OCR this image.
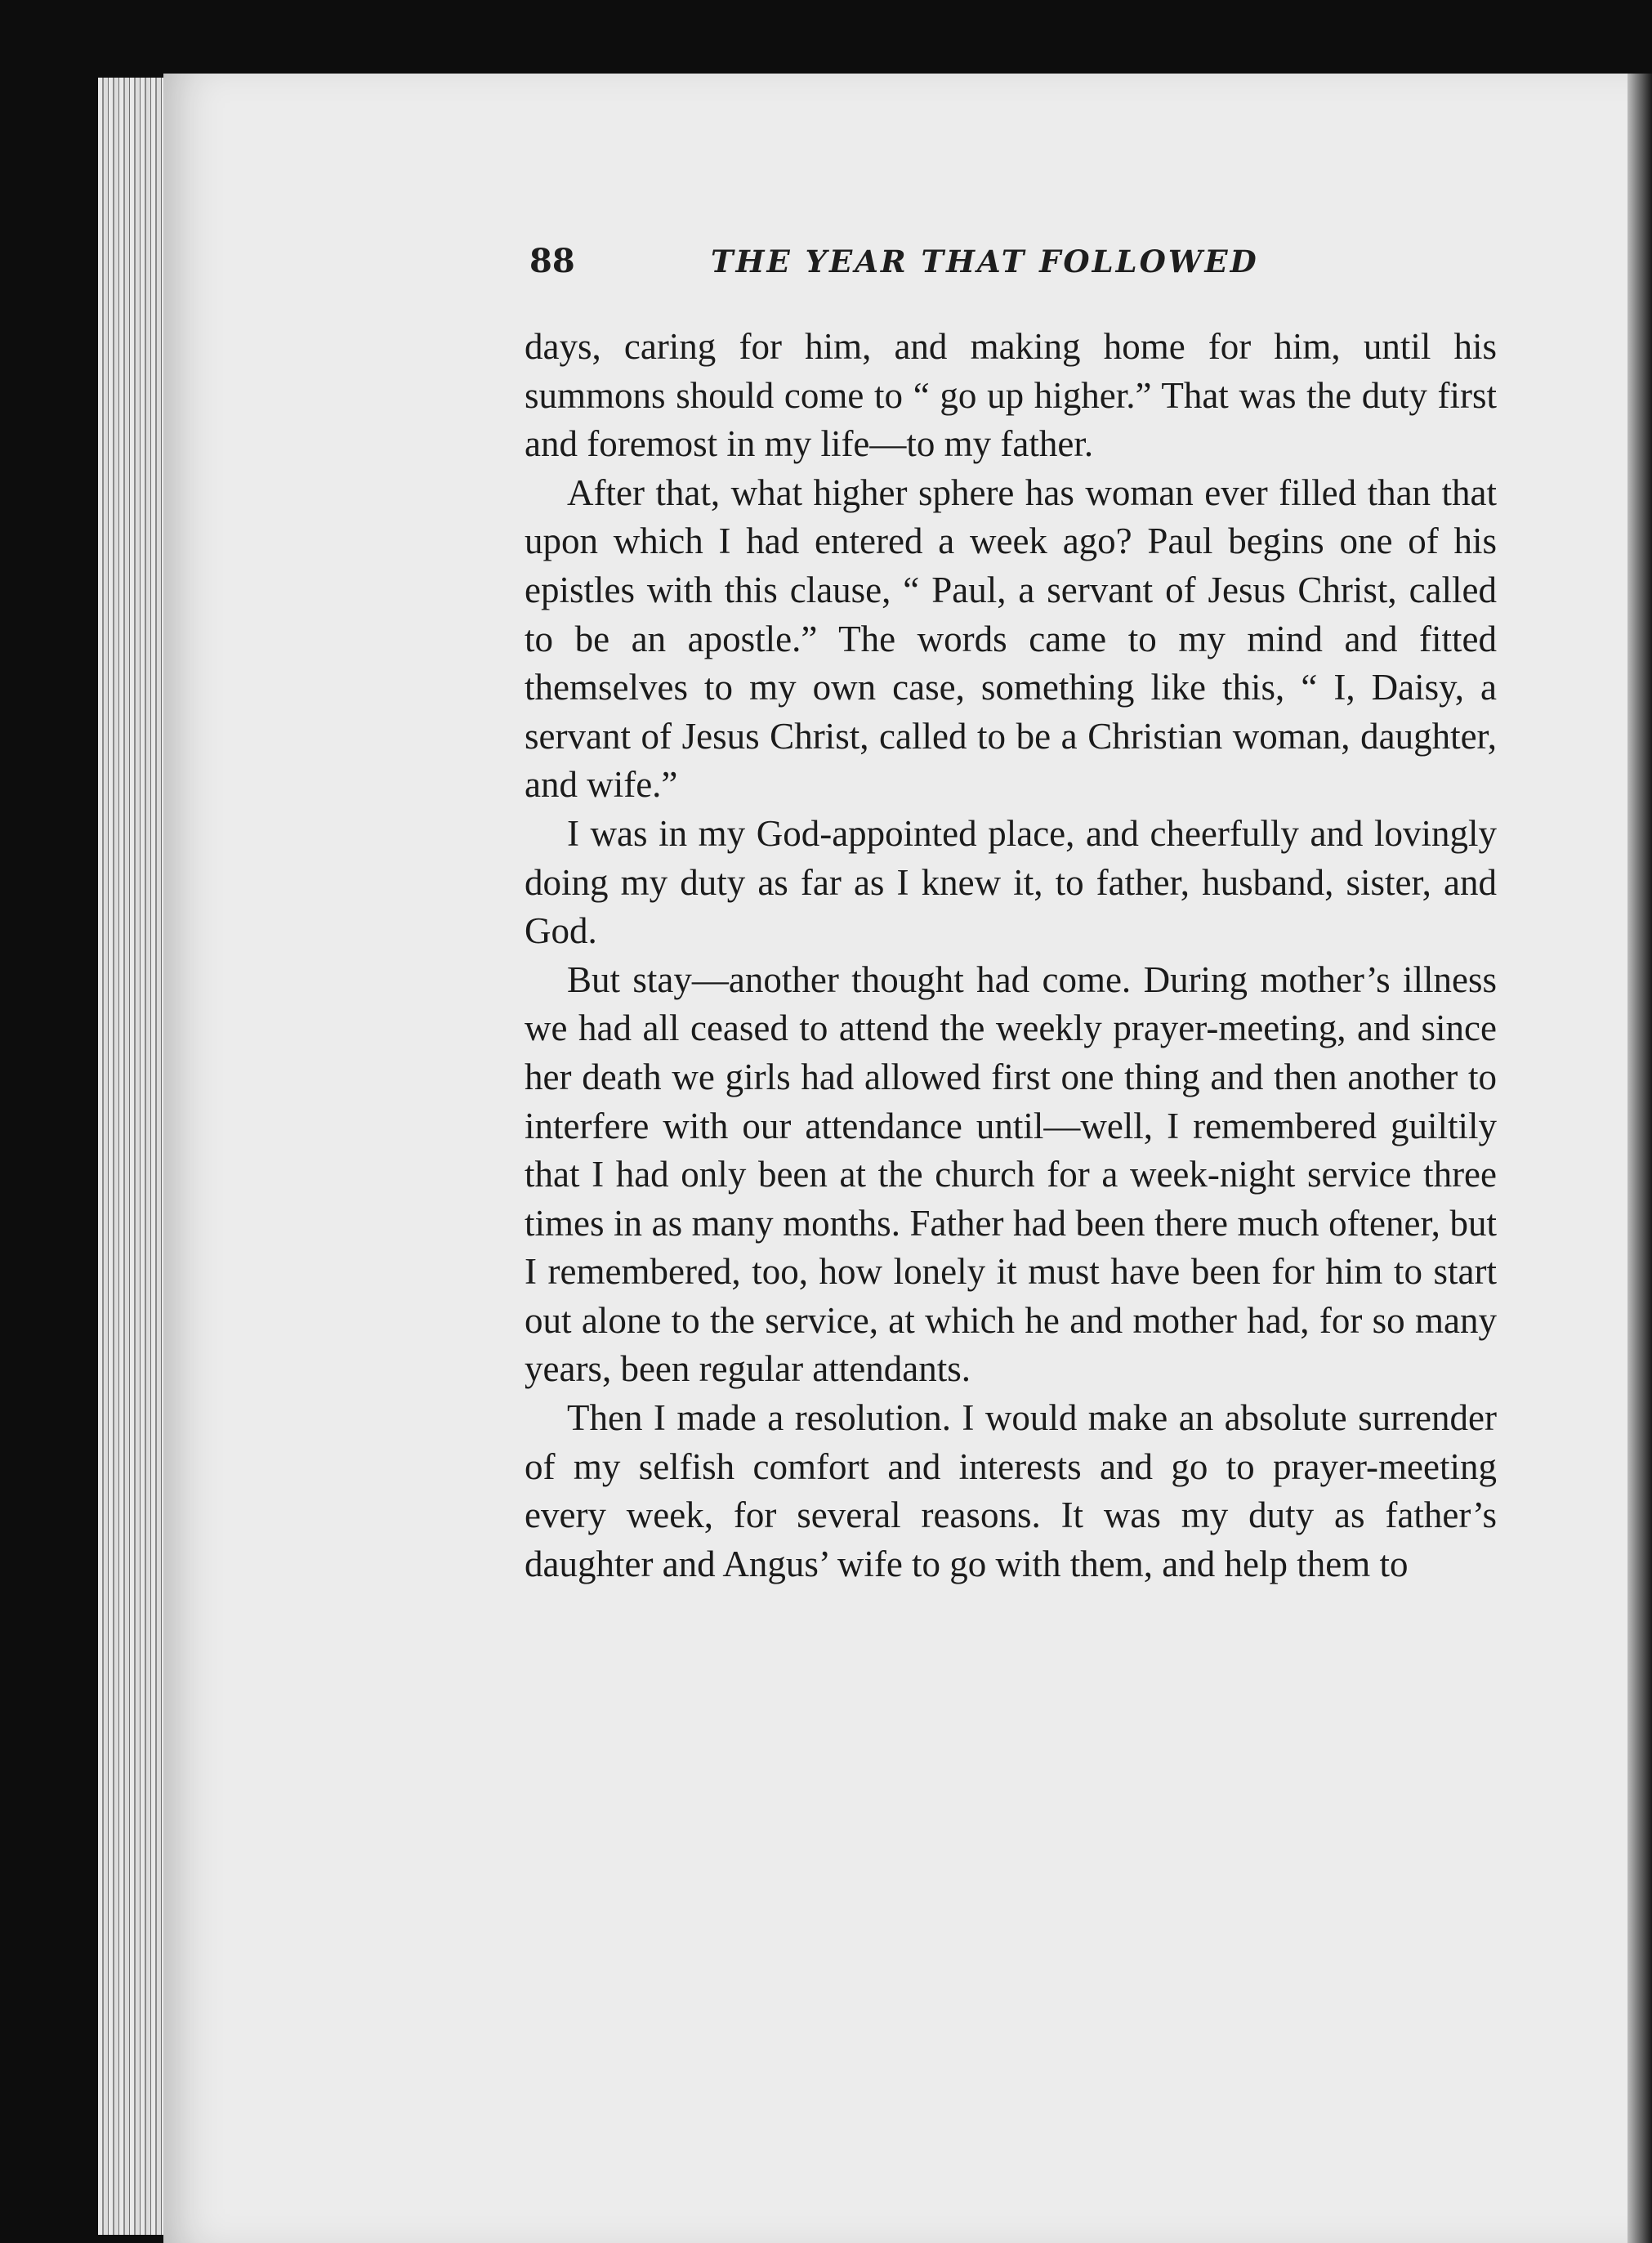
88	THE YEAR THAT FOLLOWED

days, caring for him, and making home for him, until his summons should come to “ go up higher.” That was the duty first and foremost in my life—to my father.

After that, what higher sphere has woman ever filled than that upon which I had entered a week ago? Paul begins one of his epistles with this clause, “ Paul, a servant of Jesus Christ, called to be an apostle.” The words came to my mind and fitted themselves to my own case, something like this, “ I, Daisy, a servant of Jesus Christ, called to be a Christian woman, daughter, and wife.”

I was in my God-appointed place, and cheerfully and lovingly doing my duty as far as I knew it, to father, husband, sister, and God.

But stay—another thought had come. During mother’s illness we had all ceased to attend the weekly prayer-meeting, and since her death we girls had allowed first one thing and then another to interfere with our attendance until—well, I remembered guiltily that I had only been at the church for a week-night service three times in as many months. Father had been there much oftener, but I remembered, too, how lonely it must have been for him to start out alone to the service, at which he and mother had, for so many years, been regular attendants.

Then I made a resolution. I would make an absolute surrender of my selfish comfort and interests and go to prayer-meeting every week, for several reasons. It was my duty as father’s daughter and Angus’ wife to go with them, and help them to
